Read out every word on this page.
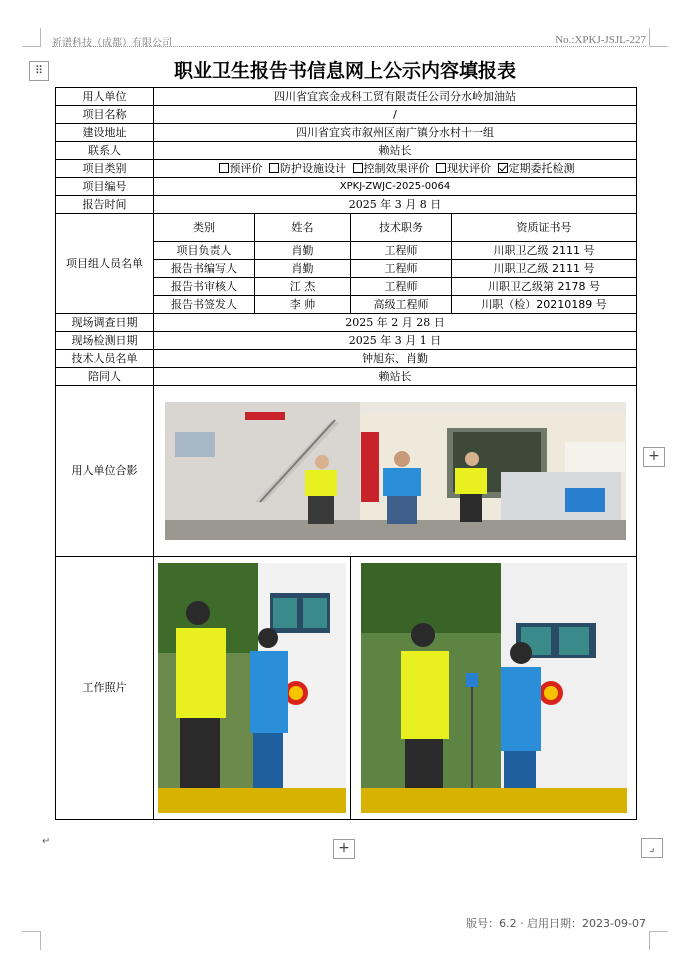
祈谱科技（成都）有限公司	No.:XPKJ-JSJL-227
⠿
+
+	⌟
职业卫生报告书信息网上公示内容填报表
用人单位	四川省宜宾金戎科工贸有限责任公司分水岭加油站			
项目名称	/			
建设地址	四川省宜宾市叙州区南广镇分水村十一组			
联系人	赖站长			
项目类别	预评价 防护设施设计 控制效果评价 现状评价 定期委托检测			
项目编号	XPKJ-ZWJC-2025-0064			
报告时间	2025 年 3 月 8 日			
项目组人员名单	类别	姓名	技术职务	资质证书号
	项目负责人	肖勤	工程师	川职卫乙级 2111 号
	报告书编写人	肖勤	工程师	川职卫乙级 2111 号
	报告书审核人	江 杰	工程师	川职卫乙级第 2178 号
	报告书签发人	李 帅	高级工程师	川职（检）20210189 号
现场调查日期	2025 年 2 月 28 日			
现场检测日期	2025 年 3 月 1 日			
技术人员名单	钟旭东、肖勤			
陪同人	赖站长			
用人单位合影	

工作照片	

↵
版号：6.2 · 启用日期：2023-09-07
